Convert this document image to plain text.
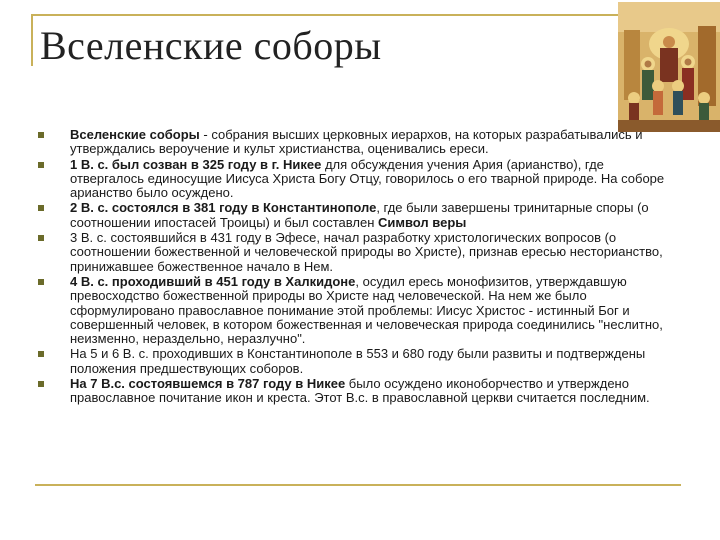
Вселенские соборы
Вселенские соборы - собрания высших церковных иерархов, на которых разрабатывались и утверждались вероучение и культ христианства, оценивались ереси.
1 В. с. был созван в 325 году в г. Никее для обсуждения учения Ария (арианство), где отвергалось единосущие Иисуса Христа Богу Отцу, говорилось о его тварной природе. На соборе арианство было осуждено.
2 В. с. состоялся в 381 году в Константинополе, где были завершены тринитарные споры (о соотношении ипостасей Троицы) и был составлен Символ веры
3 В. с. состоявшийся в 431 году в Эфесе, начал разработку христологических вопросов (о соотношении божественной и человеческой природы во Христе), признав ересью несторианство, принижавшее божественное начало в Нем.
4 В. с. проходивший в 451 году в Халкидоне, осудил ересь монофизитов, утверждавшую превосходство божественной природы во Христе над человеческой. На нем же было сформулировано православное понимание этой проблемы: Иисус Христос - истинный Бог и совершенный человек, в котором божественная и человеческая природа соединились "неслитно, неизменно, нераздельно, неразлучно".
На 5 и 6 В. с. проходивших в Константинополе в 553 и 680 году были развиты и подтверждены положения предшествующих соборов.
На 7 В.с. состоявшемся в 787 году в Никее было осуждено иконоборчество и утверждено православное почитание икон и креста. Этот В.с. в православной церкви считается последним.
